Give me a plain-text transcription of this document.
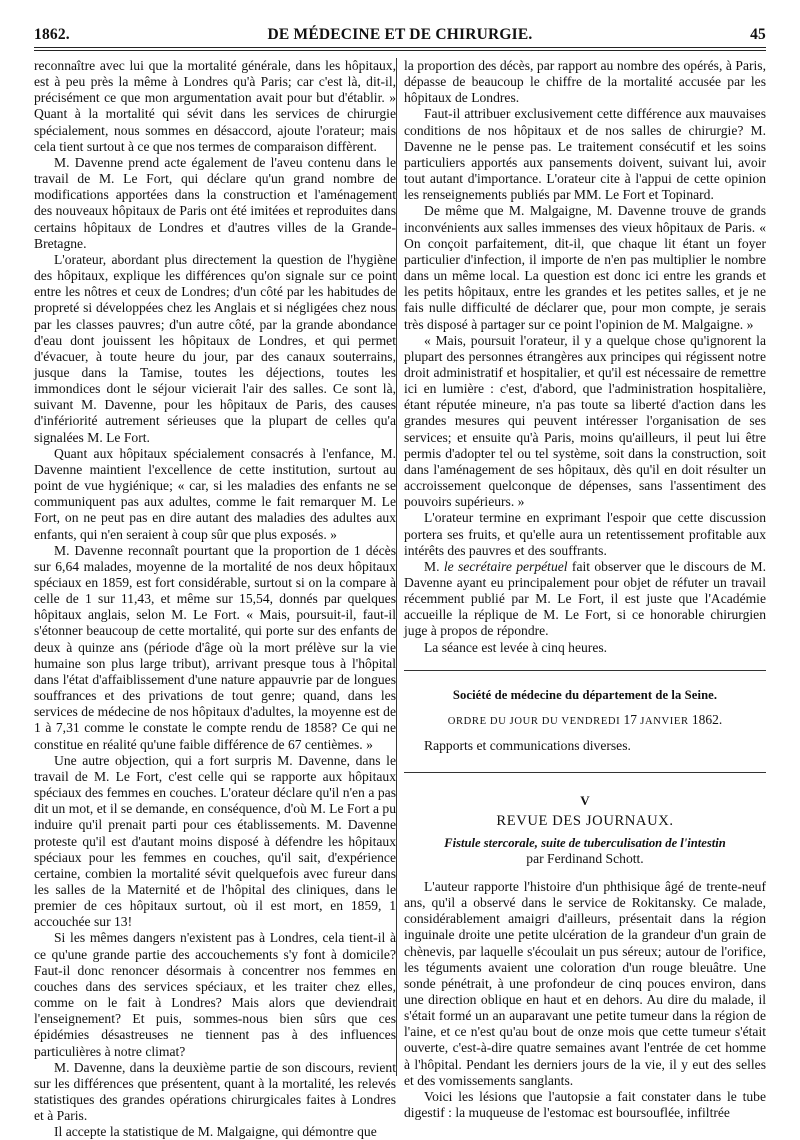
1862.	DE MÉDECINE ET DE CHIRURGIE.	45

reconnaître avec lui que la mortalité générale, dans les hôpitaux, est à peu près la même à Londres qu'à Paris; car c'est là, dit-il, précisément ce que mon argumentation avait pour but d'établir. » Quant à la mortalité qui sévit dans les services de chirurgie spécialement, nous sommes en désaccord, ajoute l'orateur; mais cela tient surtout à ce que nos termes de comparaison diffèrent.

M. Davenne prend acte également de l'aveu contenu dans le travail de M. Le Fort, qui déclare qu'un grand nombre de modifications apportées dans la construction et l'aménagement des nouveaux hôpitaux de Paris ont été imitées et reproduites dans certains hôpitaux de Londres et d'autres villes de la Grande-Bretagne.

L'orateur, abordant plus directement la question de l'hygiène des hôpitaux, explique les différences qu'on signale sur ce point entre les nôtres et ceux de Londres; d'un côté par les habitudes de propreté si développées chez les Anglais et si négligées chez nous par les classes pauvres; d'un autre côté, par la grande abondance d'eau dont jouissent les hôpitaux de Londres, et qui permet d'évacuer, à toute heure du jour, par des canaux souterrains, jusque dans la Tamise, toutes les déjections, toutes les immondices dont le séjour vicierait l'air des salles. Ce sont là, suivant M. Davenne, pour les hôpitaux de Paris, des causes d'infériorité autrement sérieuses que la plupart de celles qu'a signalées M. Le Fort.

Quant aux hôpitaux spécialement consacrés à l'enfance, M. Davenne maintient l'excellence de cette institution, surtout au point de vue hygiénique; « car, si les maladies des enfants ne se communiquent pas aux adultes, comme le fait remarquer M. Le Fort, on ne peut pas en dire autant des maladies des adultes aux enfants, qui n'en seraient à coup sûr que plus exposés. »

M. Davenne reconnaît pourtant que la proportion de 1 décès sur 6,64 malades, moyenne de la mortalité de nos deux hôpitaux spéciaux en 1859, est fort considérable, surtout si on la compare à celle de 1 sur 11,43, et même sur 15,54, donnés par quelques hôpitaux anglais, selon M. Le Fort. « Mais, poursuit-il, faut-il s'étonner beaucoup de cette mortalité, qui porte sur des enfants de deux à quinze ans (période d'âge où la mort prélève sur la vie humaine son plus large tribut), arrivant presque tous à l'hôpital dans l'état d'affaiblissement d'une nature appauvrie par de longues souffrances et des privations de tout genre; quand, dans les services de médecine de nos hôpitaux d'adultes, la moyenne est de 1 à 7,31 comme le constate le compte rendu de 1858? Ce qui ne constitue en réalité qu'une faible différence de 67 centièmes. »

Une autre objection, qui a fort surpris M. Davenne, dans le travail de M. Le Fort, c'est celle qui se rapporte aux hôpitaux spéciaux des femmes en couches. L'orateur déclare qu'il n'en a pas dit un mot, et il se demande, en conséquence, d'où M. Le Fort a pu induire qu'il prenait parti pour ces établissements. M. Davenne proteste qu'il est d'autant moins disposé à défendre les hôpitaux spéciaux pour les femmes en couches, qu'il sait, d'expérience certaine, combien la mortalité sévit quelquefois avec fureur dans les salles de la Maternité et de l'hôpital des cliniques, dans le premier de ces hôpitaux surtout, où il est mort, en 1859, 1 accouchée sur 13!

Si les mêmes dangers n'existent pas à Londres, cela tient-il à ce qu'une grande partie des accouchements s'y font à domicile? Faut-il donc renoncer désormais à concentrer nos femmes en couches dans des services spéciaux, et les traiter chez elles, comme on le fait à Londres? Mais alors que deviendrait l'enseignement? Et puis, sommes-nous bien sûrs que ces épidémies désastreuses ne tiennent pas à des influences particulières à notre climat?

M. Davenne, dans la deuxième partie de son discours, revient sur les différences que présentent, quant à la mortalité, les relevés statistiques des grandes opérations chirurgicales faites à Londres et à Paris.

Il accepte la statistique de M. Malgaigne, qui démontre que

la proportion des décès, par rapport au nombre des opérés, à Paris, dépasse de beaucoup le chiffre de la mortalité accusée par les hôpitaux de Londres.

Faut-il attribuer exclusivement cette différence aux mauvaises conditions de nos hôpitaux et de nos salles de chirurgie? M. Davenne ne le pense pas. Le traitement consécutif et les soins particuliers apportés aux pansements doivent, suivant lui, avoir tout autant d'importance. L'orateur cite à l'appui de cette opinion les renseignements publiés par MM. Le Fort et Topinard.

De même que M. Malgaigne, M. Davenne trouve de grands inconvénients aux salles immenses des vieux hôpitaux de Paris. « On conçoit parfaitement, dit-il, que chaque lit étant un foyer particulier d'infection, il importe de n'en pas multiplier le nombre dans un même local. La question est donc ici entre les grands et les petits hôpitaux, entre les grandes et les petites salles, et je ne fais nulle difficulté de déclarer que, pour mon compte, je serais très disposé à partager sur ce point l'opinion de M. Malgaigne. »

« Mais, poursuit l'orateur, il y a quelque chose qu'ignorent la plupart des personnes étrangères aux principes qui régissent notre droit administratif et hospitalier, et qu'il est nécessaire de remettre ici en lumière : c'est, d'abord, que l'administration hospitalière, étant réputée mineure, n'a pas toute sa liberté d'action dans les grandes mesures qui peuvent intéresser l'organisation de ses services; et ensuite qu'à Paris, moins qu'ailleurs, il peut lui être permis d'adopter tel ou tel système, soit dans la construction, soit dans l'aménagement de ses hôpitaux, dès qu'il en doit résulter un accroissement quelconque de dépenses, sans l'assentiment des pouvoirs supérieurs. »

L'orateur termine en exprimant l'espoir que cette discussion portera ses fruits, et qu'elle aura un retentissement profitable aux intérêts des pauvres et des souffrants.

M. le secrétaire perpétuel fait observer que le discours de M. Davenne ayant eu principalement pour objet de réfuter un travail récemment publié par M. Le Fort, il est juste que l'Académie accueille la réplique de M. Le Fort, si ce honorable chirurgien juge à propos de répondre.

La séance est levée à cinq heures.

Société de médecine du département de la Seine.
ORDRE DU JOUR DU VENDREDI 17 JANVIER 1862.

Rapports et communications diverses.

V
REVUE DES JOURNAUX.
Fistule stercorale, suite de tuberculisation de l'intestin
par Ferdinand Schott.

L'auteur rapporte l'histoire d'un phthisique âgé de trente-neuf ans, qu'il a observé dans le service de Rokitansky. Ce malade, considérablement amaigri d'ailleurs, présentait dans la région inguinale droite une petite ulcération de la grandeur d'un grain de chènevis, par laquelle s'écoulait un pus séreux; autour de l'orifice, les téguments avaient une coloration d'un rouge bleuâtre. Une sonde pénétrait, à une profondeur de cinq pouces environ, dans une direction oblique en haut et en dehors. Au dire du malade, il s'était formé un an auparavant une petite tumeur dans la région de l'aine, et ce n'est qu'au bout de onze mois que cette tumeur s'était ouverte, c'est-à-dire quatre semaines avant l'entrée de cet homme à l'hôpital. Pendant les derniers jours de la vie, il y eut des selles et des vomissements sanglants.

Voici les lésions que l'autopsie a fait constater dans le tube digestif : la muqueuse de l'estomac est boursouflée, infiltrée
